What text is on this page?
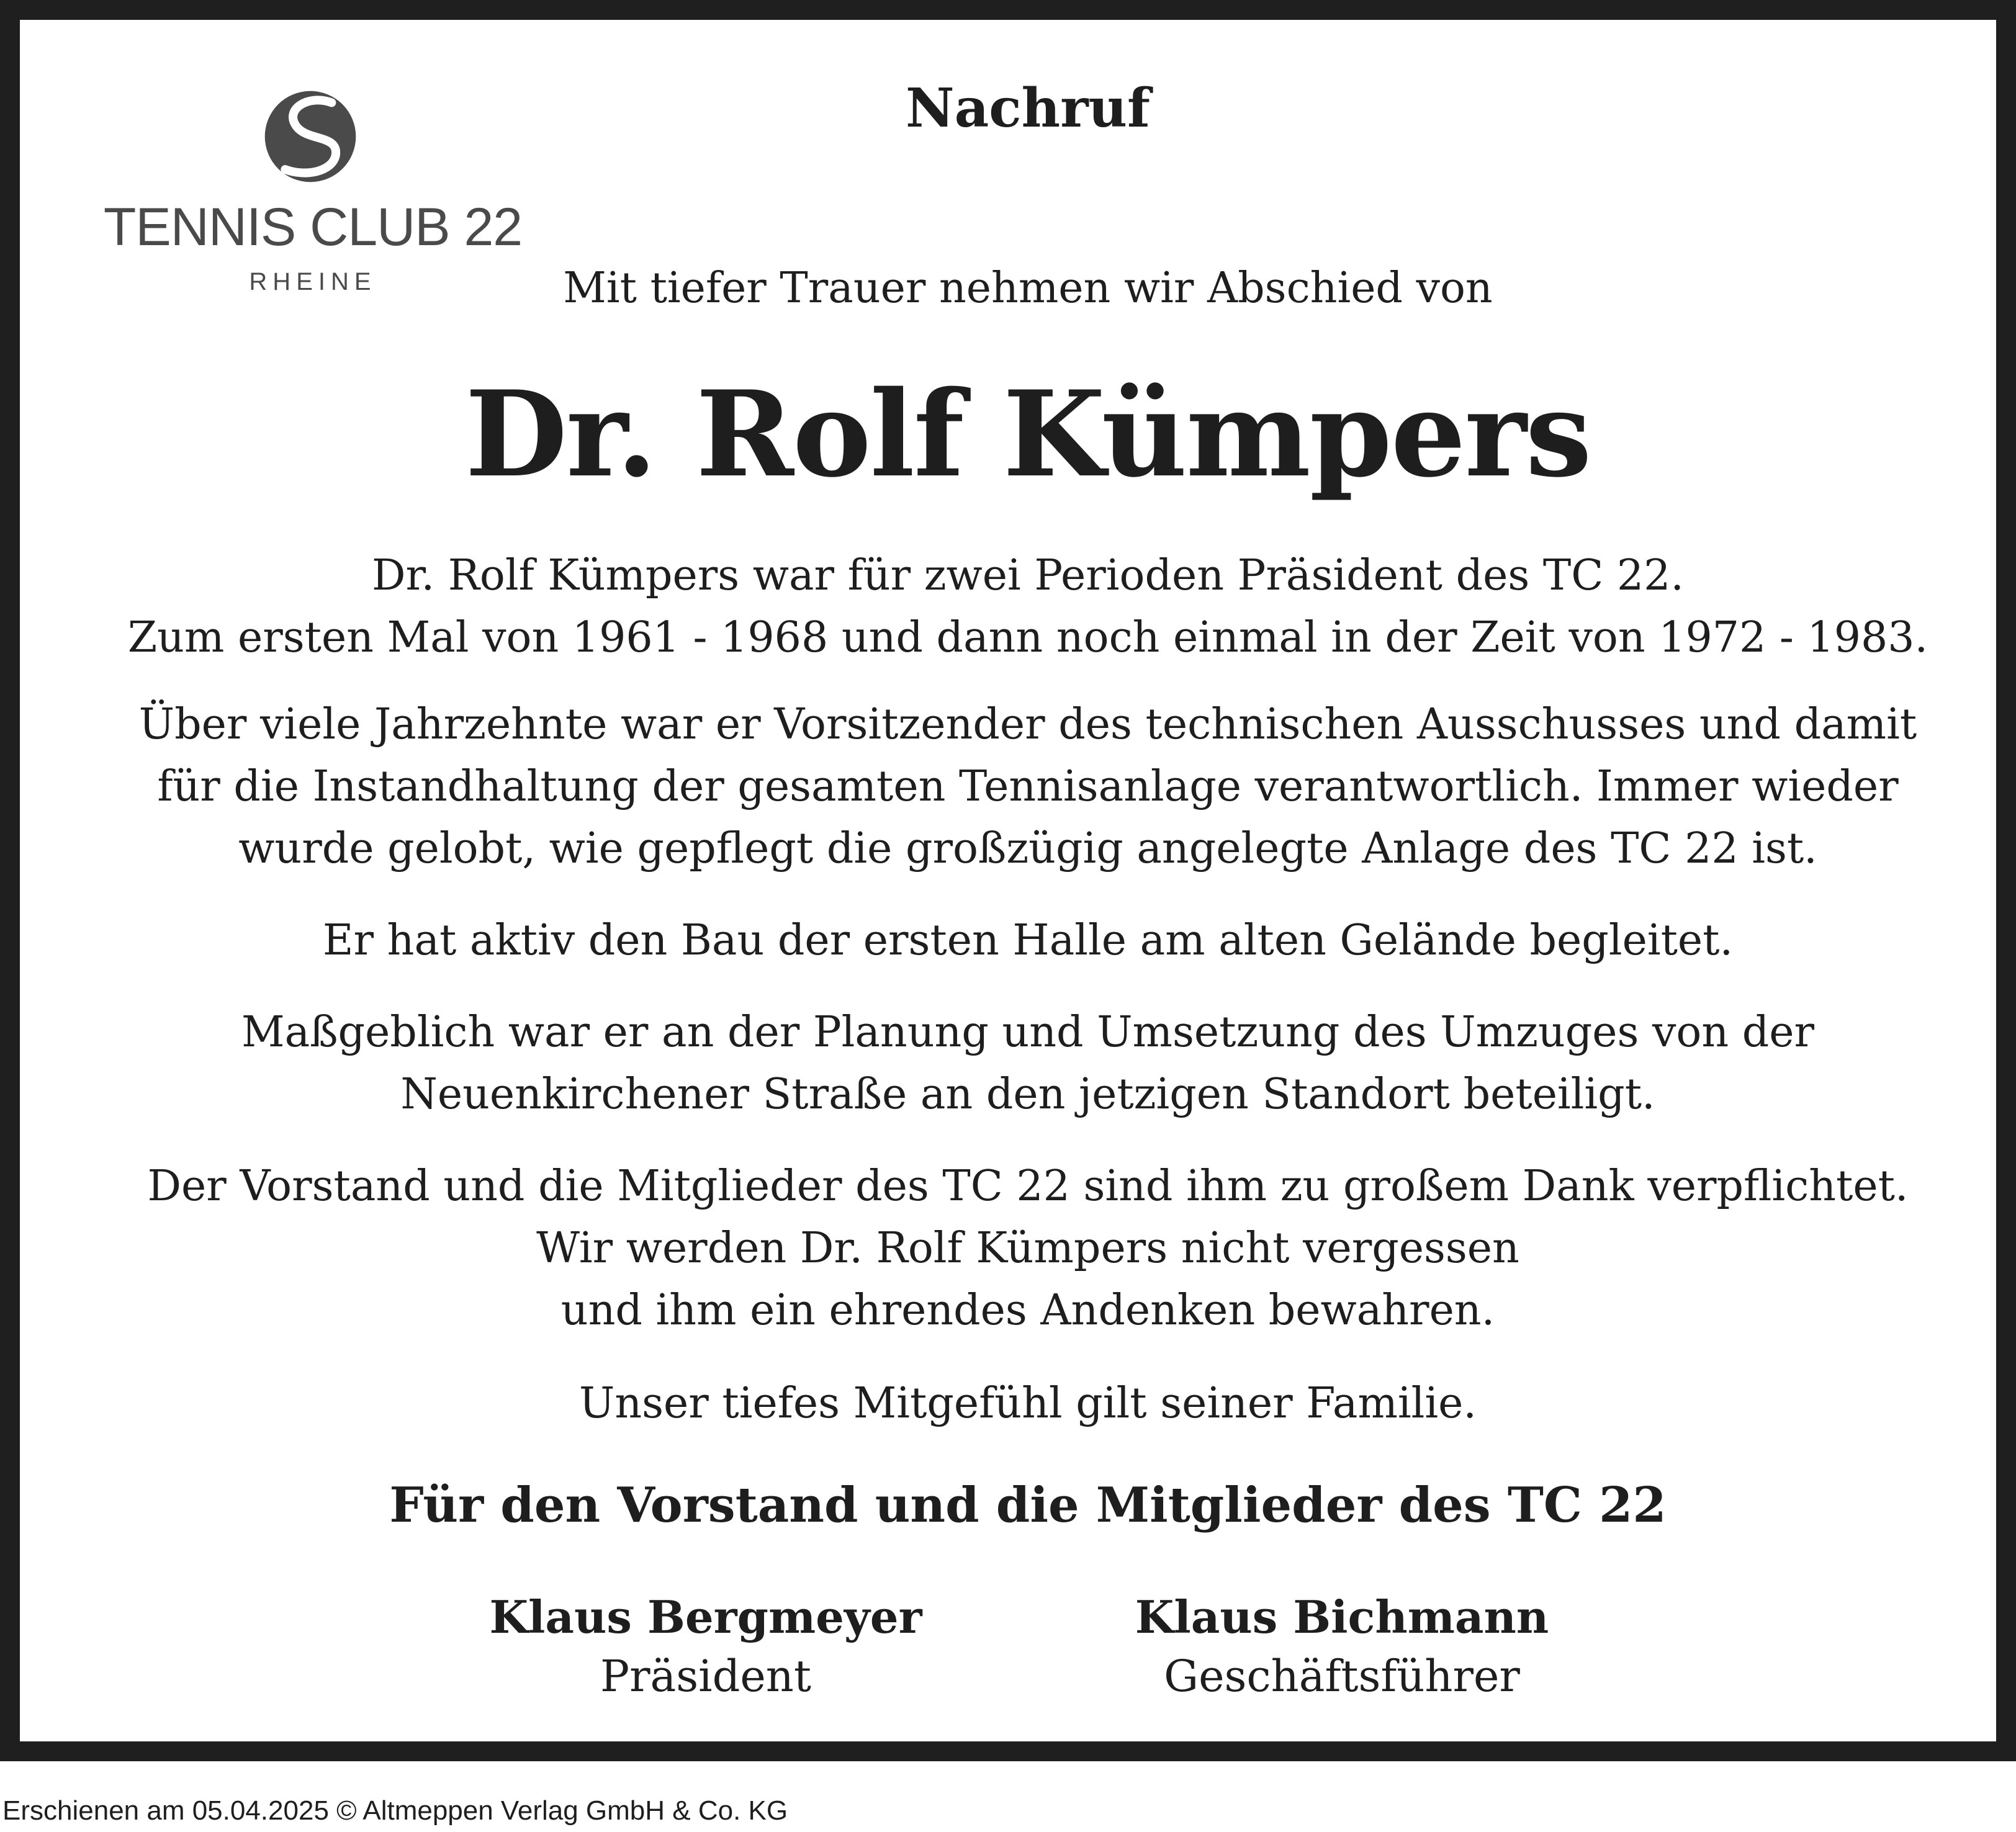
TENNIS CLUB 22
RHEINE
Nachruf
Mit tiefer Trauer nehmen wir Abschied von
Dr. Rolf Kümpers
Dr. Rolf Kümpers war für zwei Perioden Präsident des TC 22.
Zum ersten Mal von 1961 - 1968 und dann noch einmal in der Zeit von 1972 - 1983.
Über viele Jahrzehnte war er Vorsitzender des technischen Ausschusses und damit
für die Instandhaltung der gesamten Tennisanlage verantwortlich. Immer wieder
wurde gelobt, wie gepflegt die großzügig angelegte Anlage des TC 22 ist.
Er hat aktiv den Bau der ersten Halle am alten Gelände begleitet.
Maßgeblich war er an der Planung und Umsetzung des Umzuges von der
Neuenkirchener Straße an den jetzigen Standort beteiligt.
Der Vorstand und die Mitglieder des TC 22 sind ihm zu großem Dank verpflichtet.
Wir werden Dr. Rolf Kümpers nicht vergessen
und ihm ein ehrendes Andenken bewahren.
Unser tiefes Mitgefühl gilt seiner Familie.
Für den Vorstand und die Mitglieder des TC 22
Klaus Bergmeyer
Präsident
Klaus Bichmann
Geschäftsführer
Erschienen am 05.04.2025 © Altmeppen Verlag GmbH & Co. KG
